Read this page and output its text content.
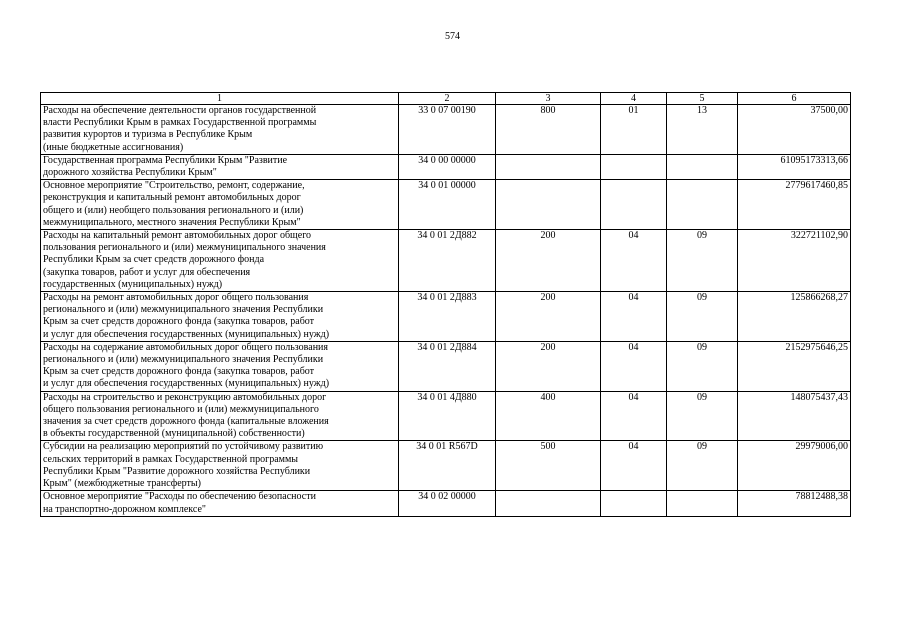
574
1	2	3	4	5	6

Расходы на обеспечение деятельности органов государственной
власти Республики Крым в рамках Государственной программы
развития курортов и туризма в Республике Крым
(иные бюджетные ассигнования)	33 0 07 00190	800	01	13	37500,00

Государственная программа Республики Крым "Развитие
дорожного хозяйства Республики Крым"	34 0 00 00000				61095173313,66

Основное мероприятие "Строительство, ремонт, содержание,
реконструкция и капитальный ремонт автомобильных дорог
общего и (или) необщего пользования регионального и (или)
межмуниципального, местного значения Республики Крым"	34 0 01 00000				2779617460,85

Расходы на капитальный ремонт автомобильных дорог общего
пользования регионального и (или) межмуниципального значения
Республики Крым за счет средств дорожного фонда
(закупка товаров, работ и услуг для обеспечения
государственных (муниципальных) нужд)	34 0 01 2Д882	200	04	09	322721102,90

Расходы на ремонт автомобильных дорог общего пользования
регионального и (или) межмуниципального значения Республики
Крым за счет средств дорожного фонда (закупка товаров, работ
и услуг для обеспечения государственных (муниципальных) нужд)	34 0 01 2Д883	200	04	09	125866268,27

Расходы на содержание автомобильных дорог общего пользования
регионального и (или) межмуниципального значения Республики
Крым за счет средств дорожного фонда (закупка товаров, работ
и услуг для обеспечения государственных (муниципальных) нужд)	34 0 01 2Д884	200	04	09	2152975646,25

Расходы на строительство и реконструкцию автомобильных дорог
общего пользования регионального и (или) межмуниципального
значения за счет средств дорожного фонда (капитальные вложения
в объекты государственной (муниципальной) собственности)	34 0 01 4Д880	400	04	09	148075437,43

Субсидии на реализацию мероприятий по устойчивому развитию
сельских территорий в рамках Государственной программы
Республики Крым "Развитие дорожного хозяйства Республики
Крым" (межбюджетные трансферты)	34 0 01 R567D	500	04	09	29979006,00

Основное мероприятие "Расходы по обеспечению безопасности
на транспортно-дорожном комплексе"	34 0 02 00000				78812488,38
